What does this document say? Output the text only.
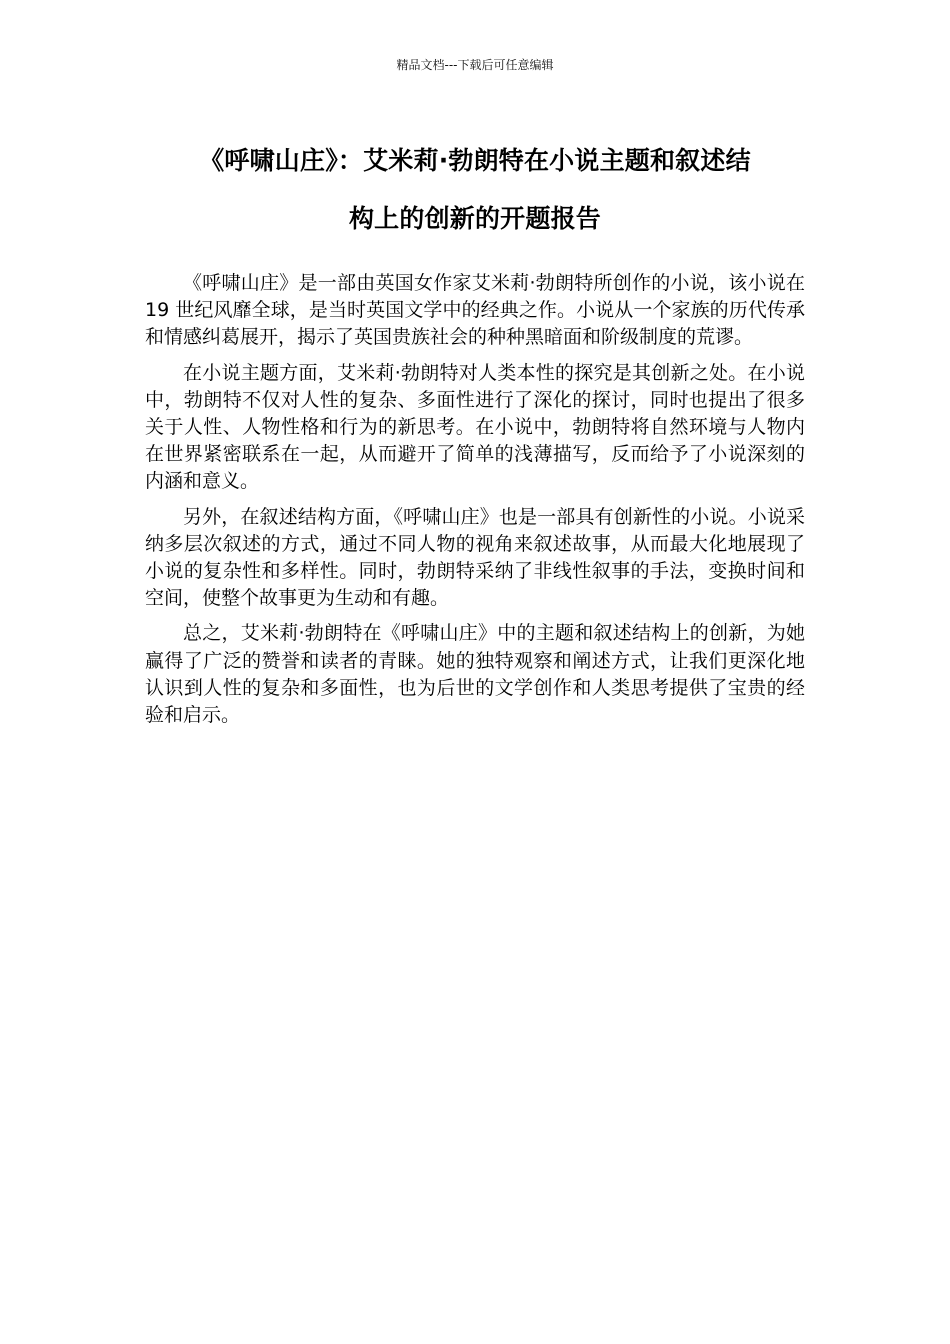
精品文档---下载后可任意编辑
《呼啸山庄》：艾米莉·勃朗特在小说主题和叙述结
构上的创新的开题报告

《呼啸山庄》是一部由英国女作家艾米莉·勃朗特所创作的小说，该小说在 19 世纪风靡全球，是当时英国文学中的经典之作。小说从一个家族的历代传承和情感纠葛展开，揭示了英国贵族社会的种种黑暗面和阶级制度的荒谬。

在小说主题方面，艾米莉·勃朗特对人类本性的探究是其创新之处。在小说中，勃朗特不仅对人性的复杂、多面性进行了深化的探讨，同时也提出了很多关于人性、人物性格和行为的新思考。在小说中，勃朗特将自然环境与人物内在世界紧密联系在一起，从而避开了简单的浅薄描写，反而给予了小说深刻的内涵和意义。

另外，在叙述结构方面，《呼啸山庄》也是一部具有创新性的小说。小说采纳多层次叙述的方式，通过不同人物的视角来叙述故事，从而最大化地展现了小说的复杂性和多样性。同时，勃朗特采纳了非线性叙事的手法，变换时间和空间，使整个故事更为生动和有趣。

总之，艾米莉·勃朗特在《呼啸山庄》中的主题和叙述结构上的创新，为她赢得了广泛的赞誉和读者的青睐。她的独特观察和阐述方式，让我们更深化地认识到人性的复杂和多面性，也为后世的文学创作和人类思考提供了宝贵的经验和启示。
